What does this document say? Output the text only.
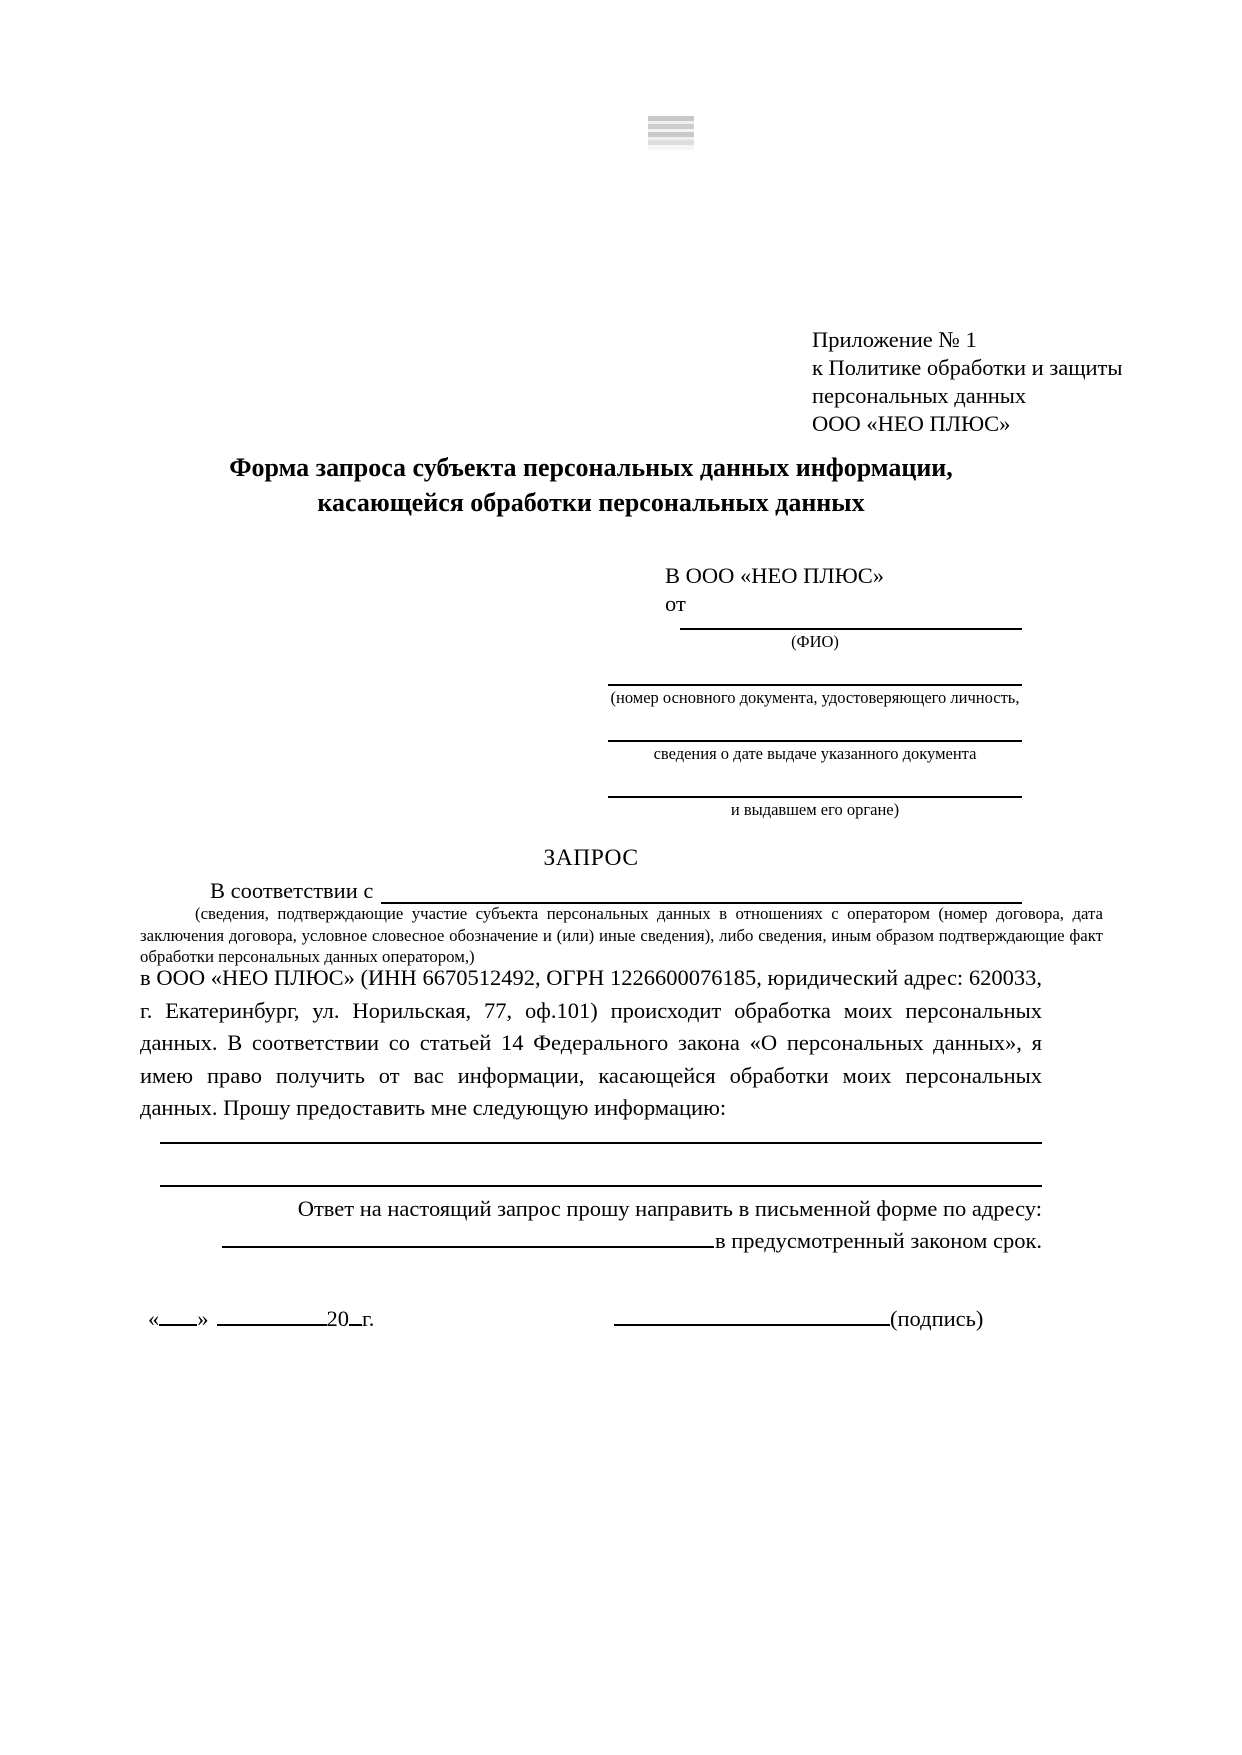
Приложение № 1
к Политике обработки и защиты
персональных данных
ООО «НЕО ПЛЮС»
Форма запроса субъекта персональных данных информации,
касающейся обработки персональных данных
В ООО «НЕО ПЛЮС»
от
(ФИО)
(номер основного документа, удостоверяющего личность,
сведения о дате выдаче указанного документа
и выдавшем его органе)
ЗАПРОС
В соответствии с
(сведения, подтверждающие участие субъекта персональных данных в отношениях с оператором (номер договора, дата
заключения договора, условное словесное обозначение и (или) иные сведения), либо сведения, иным образом подтверждающие факт
обработки персональных данных оператором,)
в ООО «НЕО ПЛЮС» (ИНН 6670512492, ОГРН 1226600076185, юридический адрес: 620033, г. Екатеринбург, ул. Норильская, 77, оф.101) происходит обработка моих персональных данных. В соответствии со статьей 14 Федерального закона «О персональных данных», я имею право получить от вас информации, касающейся обработки моих персональных данных. Прошу предоставить мне следующую информацию:
Ответ на настоящий запрос прошу направить в письменной форме по адресу:
в предусмотренный законом срок.
« »	20 г.	(подпись)
